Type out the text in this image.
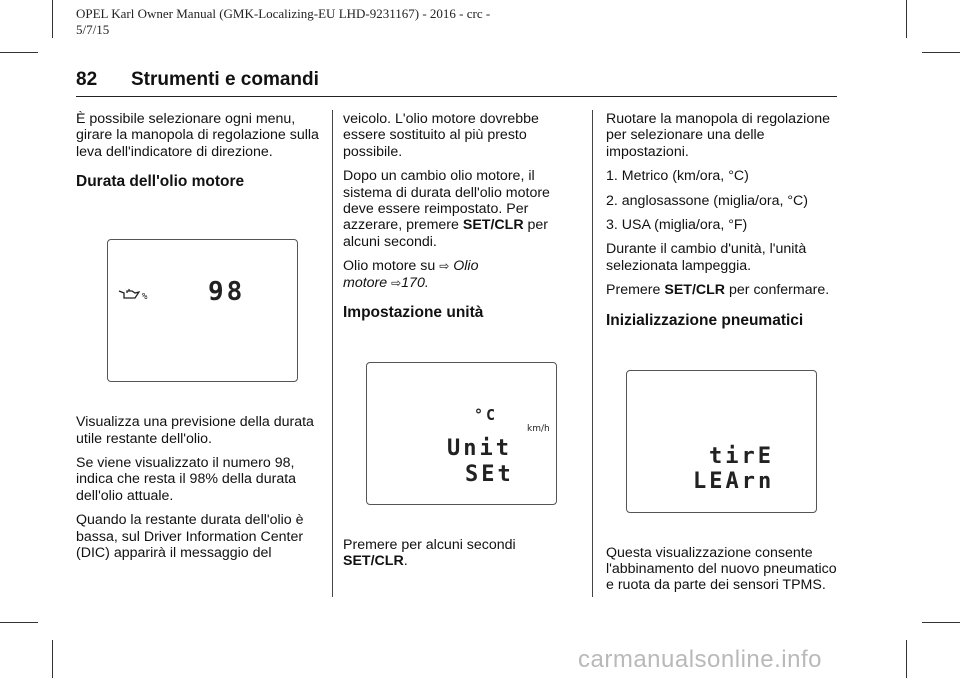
OPEL Karl Owner Manual (GMK-Localizing-EU LHD-9231167) - 2016 - crc -
5/7/15
82 Strumenti e comandi

È possibile selezionare ogni menu, girare la manopola di regolazione sulla leva dell'indicatore di direzione.

Durata dell'olio motore
% 98

Visualizza una previsione della durata utile restante dell'olio.

Se viene visualizzato il numero 98, indica che resta il 98% della durata dell'olio attuale.

Quando la restante durata dell'olio è bassa, sul Driver Information Center (DIC) apparirà il messaggio del

veicolo. L'olio motore dovrebbe essere sostituito al più presto possibile.

Dopo un cambio olio motore, il sistema di durata dell'olio motore deve essere reimpostato. Per azzerare, premere SET/CLR per alcuni secondi.

Olio motore su ⇨ Olio
motore ⇨170.

Impostazione unità
°C
km/h
Unit
SEt

Premere per alcuni secondi
SET/CLR.

Ruotare la manopola di regolazione per selezionare una delle impostazioni.

1. Metrico (km/ora, °C)

2. anglosassone (miglia/ora, °C)

3. USA (miglia/ora, °F)

Durante il cambio d'unità, l'unità selezionata lampeggia.

Premere SET/CLR per confermare.

Inizializzazione pneumatici
tirE
LEArn

Questa visualizzazione consente l'abbinamento del nuovo pneumatico e ruota da parte dei sensori TPMS.

carmanualsonline.info
